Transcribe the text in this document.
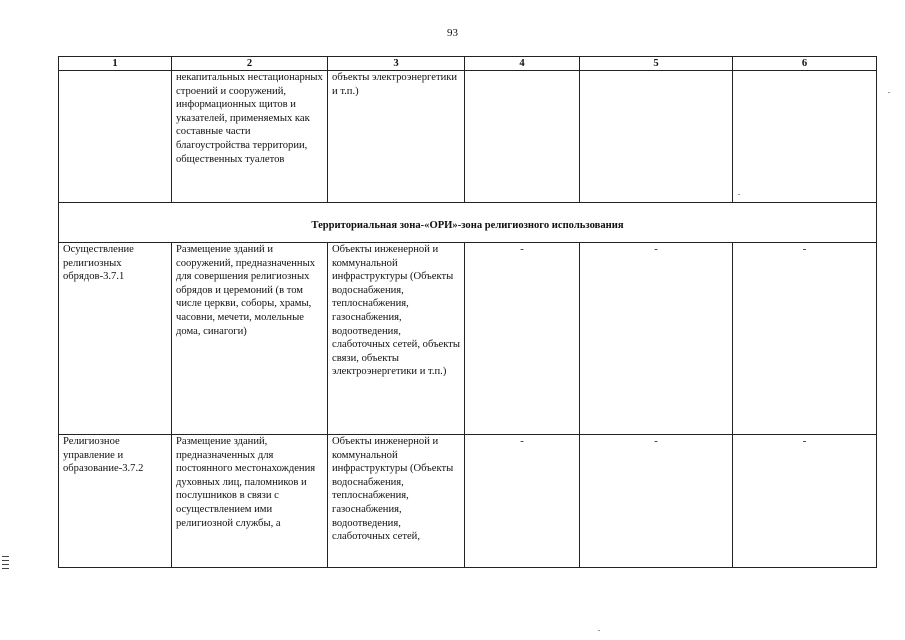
93
1	2	3	4	5	6
	некапитальных нестационарных строений и сооружений, информационных щитов и указателей, применяемых как составные части благоустройства территории, общественных туалетов	объекты электроэнергетики и т.п.)			
Территориальная зона-«ОРИ»-зона религиозного использования					
Осуществление религиозных обрядов-3.7.1	Размещение зданий и сооружений, предназначенных для совершения религиозных обрядов и церемоний (в том числе церкви, соборы, храмы, часовни, мечети, молельные дома, синагоги)	Объекты инженерной и коммунальной инфраструктуры (Объекты водоснабжения, теплоснабжения, газоснабжения, водоотведения, слаботочных сетей, объекты связи, объекты электроэнергетики и т.п.)	-	-	-
Религиозное управление и образование-3.7.2	Размещение зданий, предназначенных для постоянного местонахождения духовных лиц, паломников и послушников в связи с осуществлением ими религиозной службы, а	Объекты инженерной и коммунальной инфраструктуры (Объекты водоснабжения, теплоснабжения, газоснабжения, водоотведения, слаботочных сетей,	-	-	-
